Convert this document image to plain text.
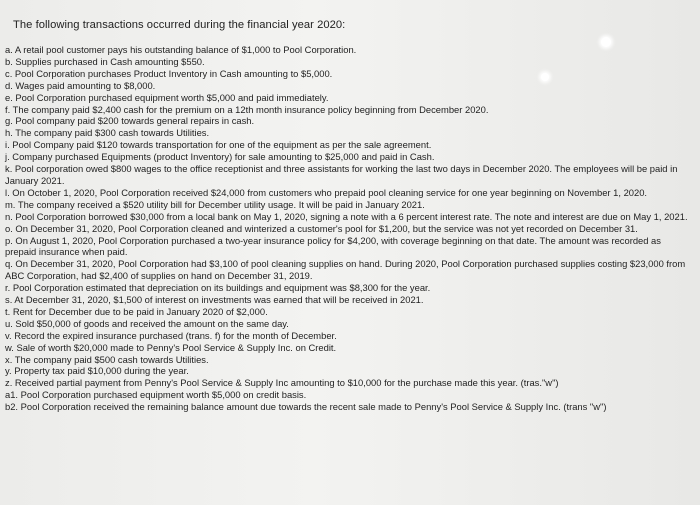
The following transactions occurred during the financial year 2020:

a. A retail pool customer pays his outstanding balance of $1,000 to Pool Corporation.

b. Supplies purchased in Cash amounting $550.

c. Pool Corporation purchases Product Inventory in Cash amounting to $5,000.

d. Wages paid amounting to $8,000.

e. Pool Corporation purchased equipment worth $5,000 and paid immediately.

f. The company paid $2,400 cash for the premium on a 12th month insurance policy beginning from December 2020.

g. Pool company paid $200 towards general repairs in cash.

h. The company paid $300 cash towards Utilities.

i. Pool Company paid $120 towards transportation for one of the equipment as per the sale agreement.

j. Company purchased Equipments (product Inventory) for sale amounting to $25,000 and paid in Cash.

k. Pool corporation owed $800 wages to the office receptionist and three assistants for working the last two days in December 2020. The employees will be paid in January 2021.

l. On October 1, 2020, Pool Corporation received $24,000 from customers who prepaid pool cleaning service for one year beginning on November 1, 2020.

m. The company received a $520 utility bill for December utility usage. It will be paid in January 2021.

n. Pool Corporation borrowed $30,000 from a local bank on May 1, 2020, signing a note with a 6 percent interest rate. The note and interest are due on May 1, 2021.

o. On December 31, 2020, Pool Corporation cleaned and winterized a customer's pool for $1,200, but the service was not yet recorded on December 31.

p. On August 1, 2020, Pool Corporation purchased a two-year insurance policy for $4,200, with coverage beginning on that date. The amount was recorded as prepaid insurance when paid.

q. On December 31, 2020, Pool Corporation had $3,100 of pool cleaning supplies on hand. During 2020, Pool Corporation purchased supplies costing $23,000 from ABC Corporation, had $2,400 of supplies on hand on December 31, 2019.

r. Pool Corporation estimated that depreciation on its buildings and equipment was $8,300 for the year.

s. At December 31, 2020, $1,500 of interest on investments was earned that will be received in 2021.

t. Rent for December due to be paid in January 2020 of $2,000.

u. Sold $50,000 of goods and received the amount on the same day.

v. Record the expired insurance purchased (trans. f) for the month of December.

w. Sale of worth $20,000 made to Penny's Pool Service & Supply Inc. on Credit.

x. The company paid $500 cash towards Utilities.

y. Property tax paid $10,000 during the year.

z. Received partial payment from Penny's Pool Service & Supply Inc amounting to $10,000 for the purchase made this year. (tras."w")

a1. Pool Corporation purchased equipment worth $5,000 on credit basis.

b2. Pool Corporation received the remaining balance amount due towards the recent sale made to Penny's Pool Service & Supply Inc. (trans "w")
